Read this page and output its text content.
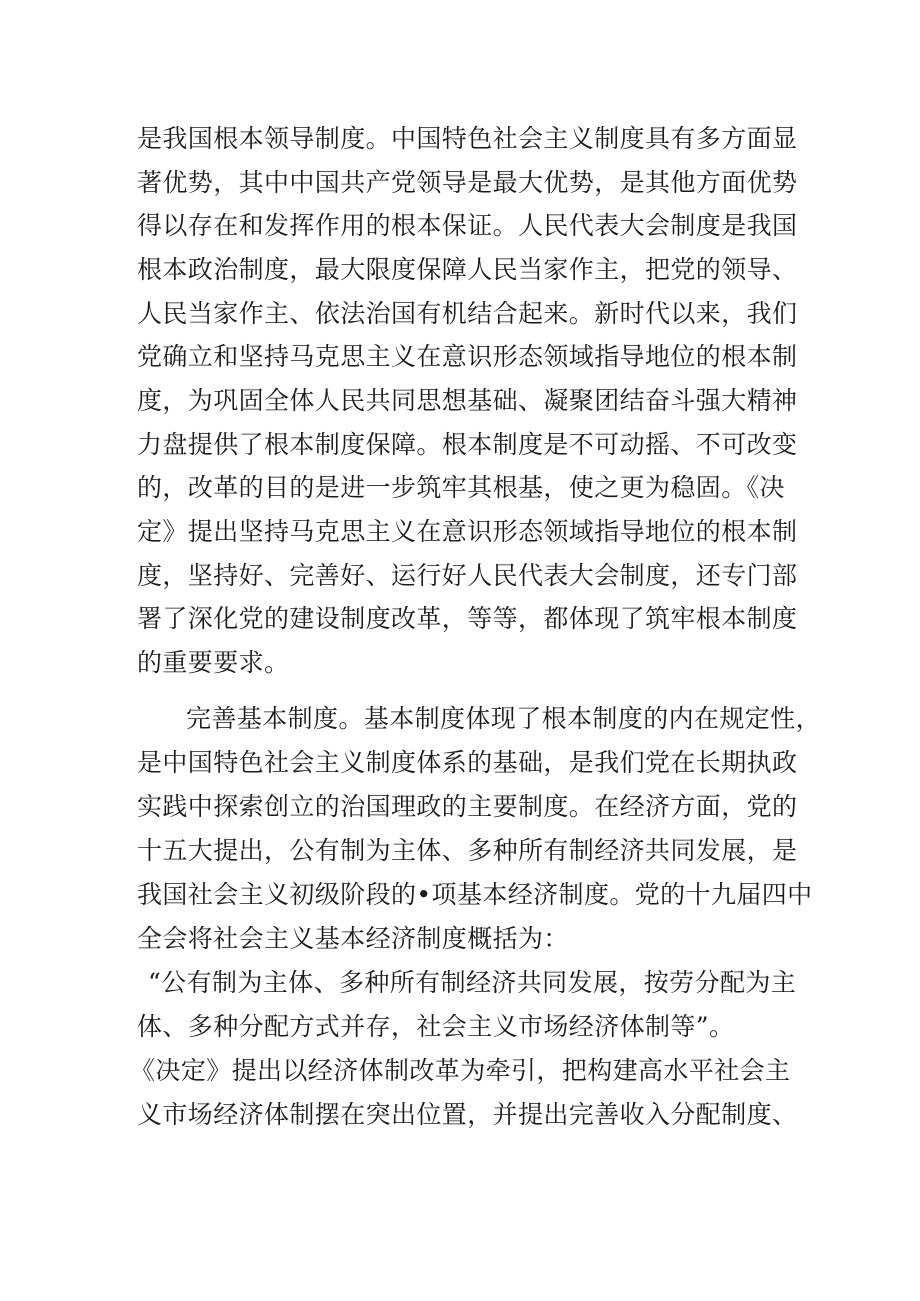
是我国根本领导制度。中国特色社会主义制度具有多方面显
著优势，其中中国共产党领导是最大优势，是其他方面优势
得以存在和发挥作用的根本保证。人民代表大会制度是我国
根本政治制度，最大限度保障人民当家作主，把党的领导、
人民当家作主、依法治国有机结合起来。新时代以来，我们
党确立和坚持马克思主义在意识形态领域指导地位的根本制
度，为巩固全体人民共同思想基础、凝聚团结奋斗强大精神
力盘提供了根本制度保障。根本制度是不可动摇、不可改变
的，改革的目的是进一步筑牢其根基，使之更为稳固。《决
定》提出坚持马克思主义在意识形态领域指导地位的根本制
度，坚持好、完善好、运行好人民代表大会制度，还专门部
署了深化党的建设制度改革，等等，都体现了筑牢根本制度
的重要要求。
完善基本制度。基本制度体现了根本制度的内在规定性，
是中国特色社会主义制度体系的基础，是我们党在长期执政
实践中探索创立的治国理政的主要制度。在经济方面，党的
十五大提出，公有制为主体、多种所有制经济共同发展，是
我国社会主义初级阶段的•项基本经济制度。党的十九届四中
全会将社会主义基本经济制度概括为：
“公有制为主体、多种所有制经济共同发展，按劳分配为主
体、多种分配方式并存，社会主义市场经济体制等”。
《决定》提出以经济体制改革为牵引，把构建高水平社会主
义市场经济体制摆在突出位置，并提出完善收入分配制度、
